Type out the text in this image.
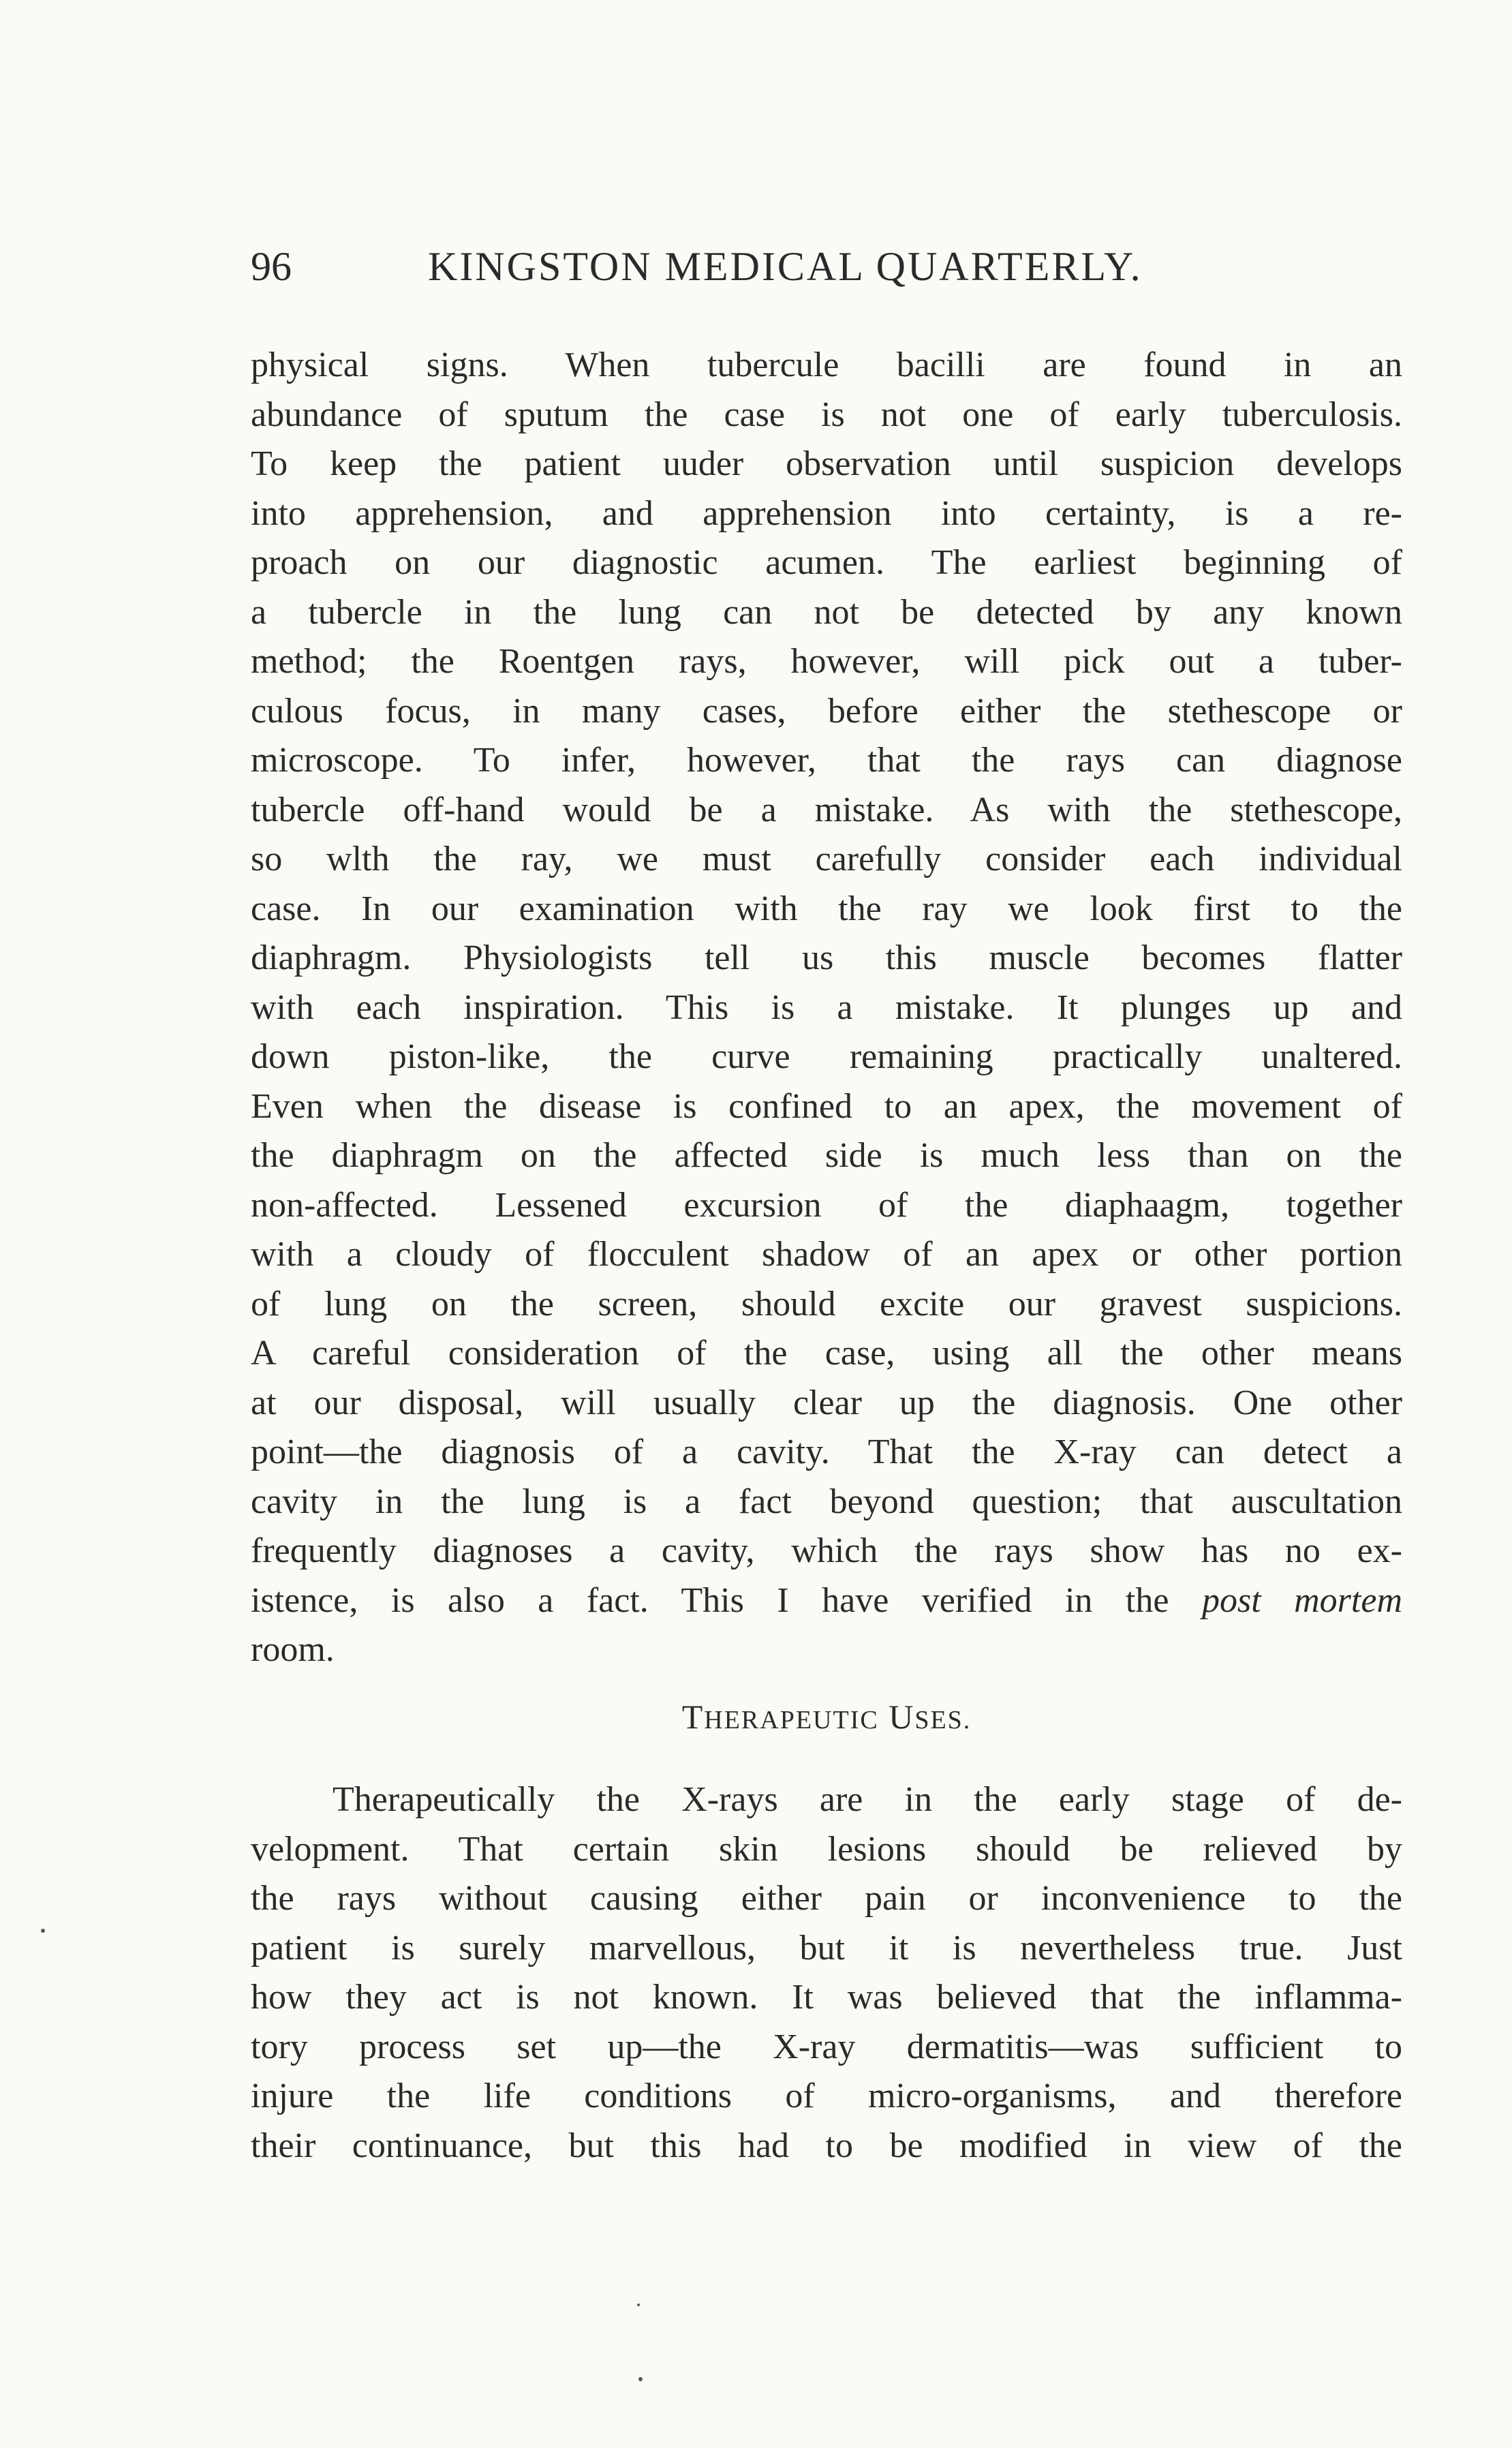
96	KINGSTON MEDICAL QUARTERLY.
physical signs. When tubercule bacilli are found in an
abundance of sputum the case is not one of early tuberculosis.
To keep the patient uuder observation until suspicion develops
into apprehension, and apprehension into certainty, is a re-
proach on our diagnostic acumen. The earliest beginning of
a tubercle in the lung can not be detected by any known
method; the Roentgen rays, however, will pick out a tuber-
culous focus, in many cases, before either the stethescope or
microscope. To infer, however, that the rays can diagnose
tubercle off-hand would be a mistake. As with the stethescope,
so wlth the ray, we must carefully consider each individual
case. In our examination with the ray we look first to the
diaphragm. Physiologists tell us this muscle becomes flatter
with each inspiration. This is a mistake. It plunges up and
down piston-like, the curve remaining practically unaltered.
Even when the disease is confined to an apex, the movement of
the diaphragm on the affected side is much less than on the
non-affected. Lessened excursion of the diaphaagm, together
with a cloudy of flocculent shadow of an apex or other portion
of lung on the screen, should excite our gravest suspicions.
A careful consideration of the case, using all the other means
at our disposal, will usually clear up the diagnosis. One other
point—the diagnosis of a cavity. That the X-ray can detect a
cavity in the lung is a fact beyond question; that auscultation
frequently diagnoses a cavity, which the rays show has no ex-
istence, is also a fact. This I have verified in the post mortem
room.
THERAPEUTIC USES.
Therapeutically the X-rays are in the early stage of de-
velopment. That certain skin lesions should be relieved by
the rays without causing either pain or inconvenience to the
patient is surely marvellous, but it is nevertheless true. Just
how they act is not known. It was believed that the inflamma-
tory process set up—the X-ray dermatitis—was sufficient to
injure the life conditions of micro-organisms, and therefore
their continuance, but this had to be modified in view of the
